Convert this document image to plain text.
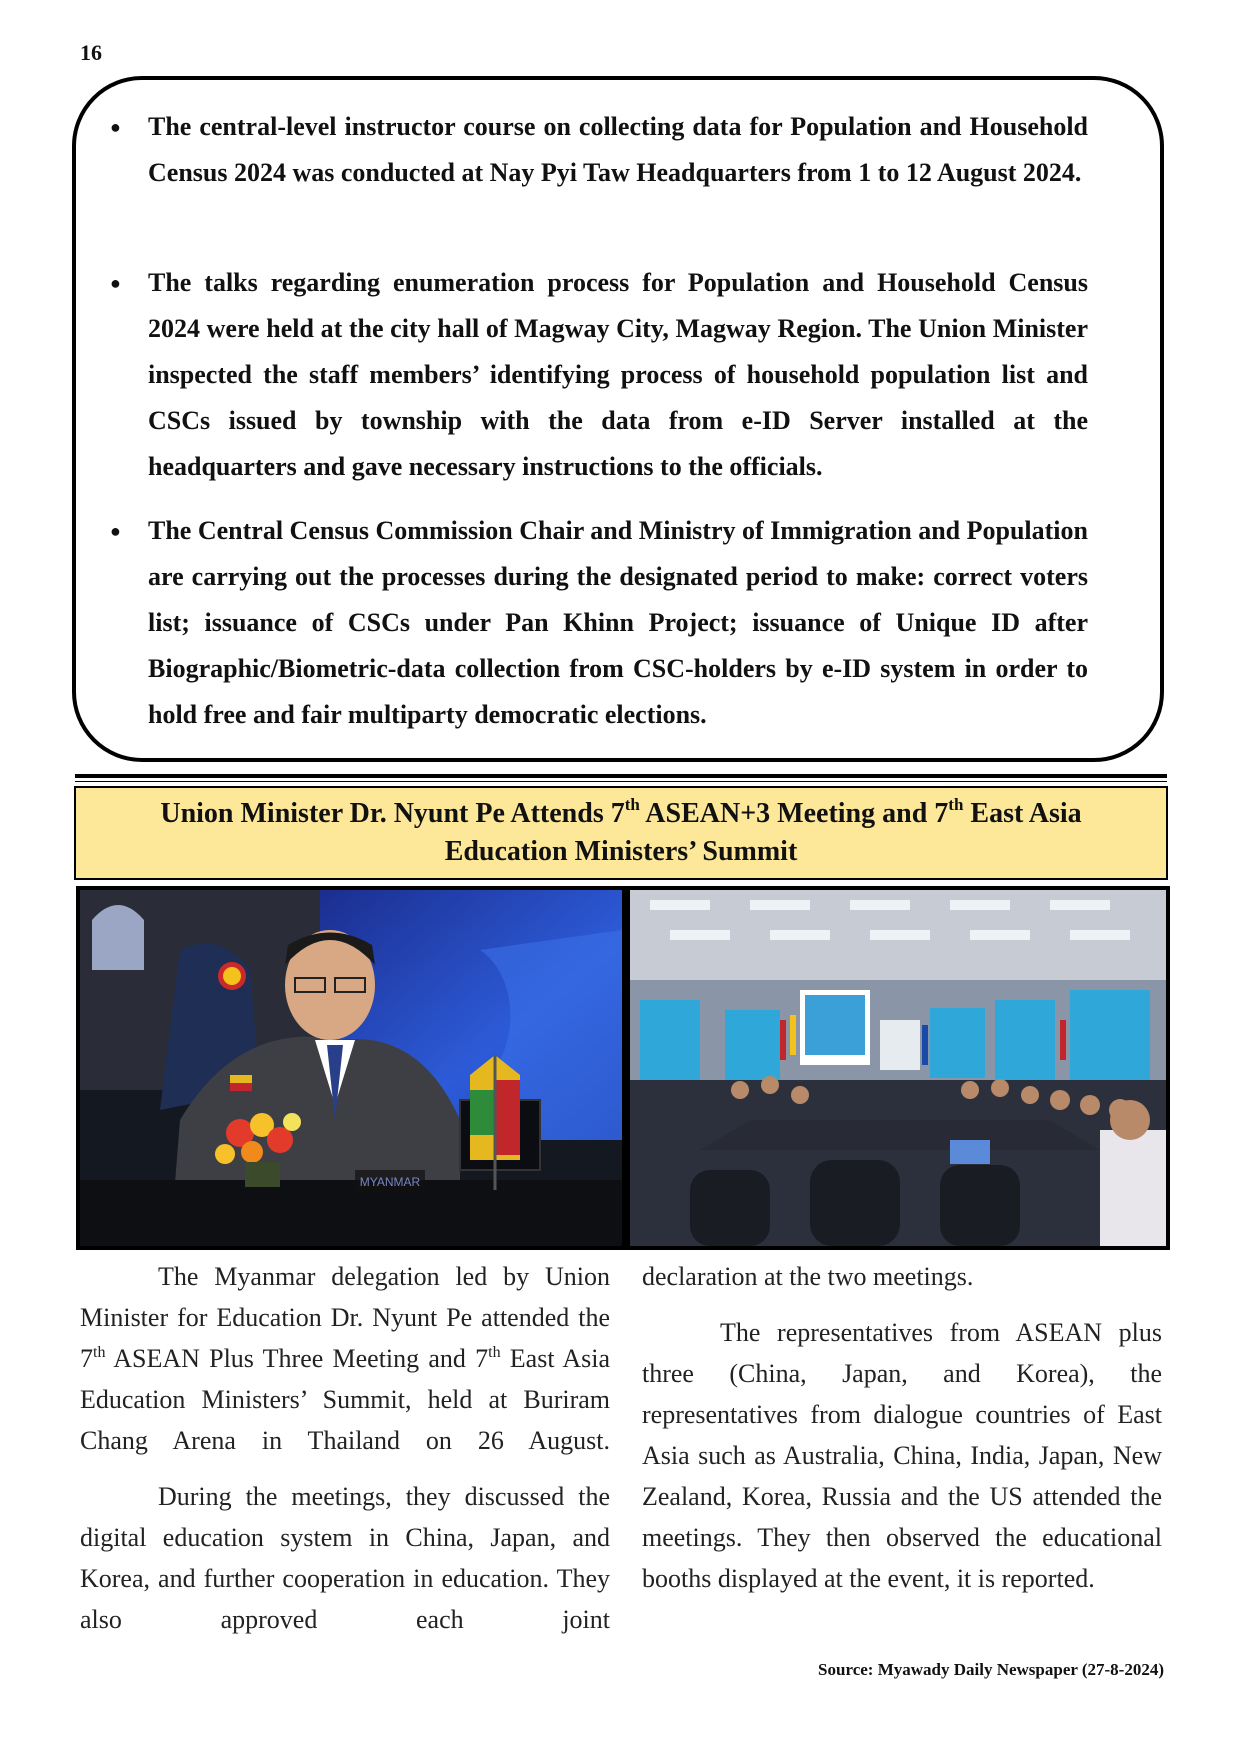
16
● The central-level instructor course on collecting data for Population and Household Census 2024 was conducted at Nay Pyi Taw Headquarters from 1 to 12 August 2024.
● The talks regarding enumeration process for Population and Household Census 2024 were held at the city hall of Magway City, Magway Region. The Union Minister inspected the staff members’ identifying process of household population list and CSCs issued by township with the data from e-ID Server installed at the headquarters and gave necessary instructions to the officials.
● The Central Census Commission Chair and Ministry of Immigration and Population are carrying out the processes during the designated period to make: correct voters list; issuance of CSCs under Pan Khinn Project; issuance of Unique ID after Biographic/Biometric-data collection from CSC-holders by e-ID system in order to hold free and fair multiparty democratic elections.
Union Minister Dr. Nyunt Pe Attends 7th ASEAN+3 Meeting and 7th East Asia
Education Ministers’ Summit
MYANMAR

The Myanmar delegation led by Union Minister for Education Dr. Nyunt Pe attended the 7th ASEAN Plus Three Meeting and 7th East Asia Education Ministers’ Summit, held at Buriram Chang Arena in Thailand on 26 August.

During the meetings, they discussed the digital education system in China, Japan, and Korea, and further cooperation in education. They also approved each joint

declaration at the two meetings.

The representatives from ASEAN plus three (China, Japan, and Korea), the representatives from dialogue countries of East Asia such as Australia, China, India, Japan, New Zealand, Korea, Russia and the US attended the meetings. They then observed the educational booths displayed at the event, it is reported.

Source: Myawady Daily Newspaper (27-8-2024)
